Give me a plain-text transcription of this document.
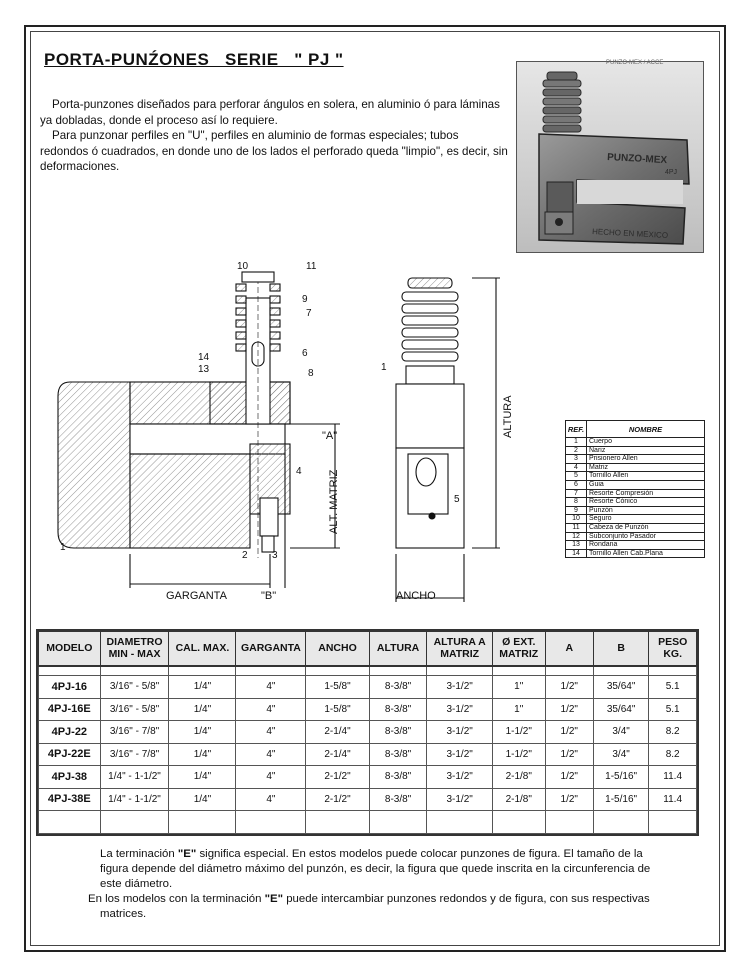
PORTA-PUNŹONES   SERIE   " PJ "

Porta-punzones diseñados para perforar ángulos en solera, en aluminio ó para láminas ya dobladas, donde el proceso así lo requiere.

Para punzonar perfiles en "U", perfiles en aluminio de formas especiales; tubos redondos ó cuadrados, en donde uno de los lados el perforado queda "limpio", es decir, sin deformaciones.

PUNZO-MEX
HECHO EN MEXICO
4PJ
PUNZO-MEX / ACCE
10	11
9
7
6
14
13	8
4
2 3
1
1
5
"A"
GARGANTA	"B"	ANCHO
ALT. MATRIZ
ALTURA	REF.	NOMBRE
1	Cuerpo
2	Nariz
3	Prisionero Allen
4	Matriz
5	Tornillo Allen
6	Guia
7	Resorte Compresión
8	Resorte Cónico
9	Punzón
10	Seguro
11	Cabeza de Punzón
12	Subconjunto Pasador
13	Rondana
14	Tornillo Allen Cab.Plana
MODELO	DIAMETRO MIN - MAX	CAL. MAX.	GARGANTA	ANCHO	ALTURA	ALTURA A MATRIZ	Ø EXT. MATRIZ	A	B	PESO KG.

4PJ-16	3/16" - 5/8"	1/4"	4"	1-5/8"	8-3/8"	3-1/2"	1"	1/2"	35/64"	5.1
4PJ-16E	3/16" - 5/8"	1/4"	4"	1-5/8"	8-3/8"	3-1/2"	1"	1/2"	35/64"	5.1
4PJ-22	3/16" - 7/8"	1/4"	4"	2-1/4"	8-3/8"	3-1/2"	1-1/2"	1/2"	3/4"	8.2
4PJ-22E	3/16" - 7/8"	1/4"	4"	2-1/4"	8-3/8"	3-1/2"	1-1/2"	1/2"	3/4"	8.2
4PJ-38	1/4" - 1-1/2"	1/4"	4"	2-1/2"	8-3/8"	3-1/2"	2-1/8"	1/2"	1-5/16"	11.4
4PJ-38E	1/4" - 1-1/2"	1/4"	4"	2-1/2"	8-3/8"	3-1/2"	2-1/8"	1/2"	1-5/16"	11.4

La terminación "E" significa especial. En estos modelos puede colocar punzones de figura. El tamaño de la figura depende del diámetro máximo del punzón, es decir, la figura que quede inscrita en la circunferencia de este diámetro.

En los modelos con la terminación "E" puede intercambiar punzones redondos y de figura, con sus respectivas matrices.
